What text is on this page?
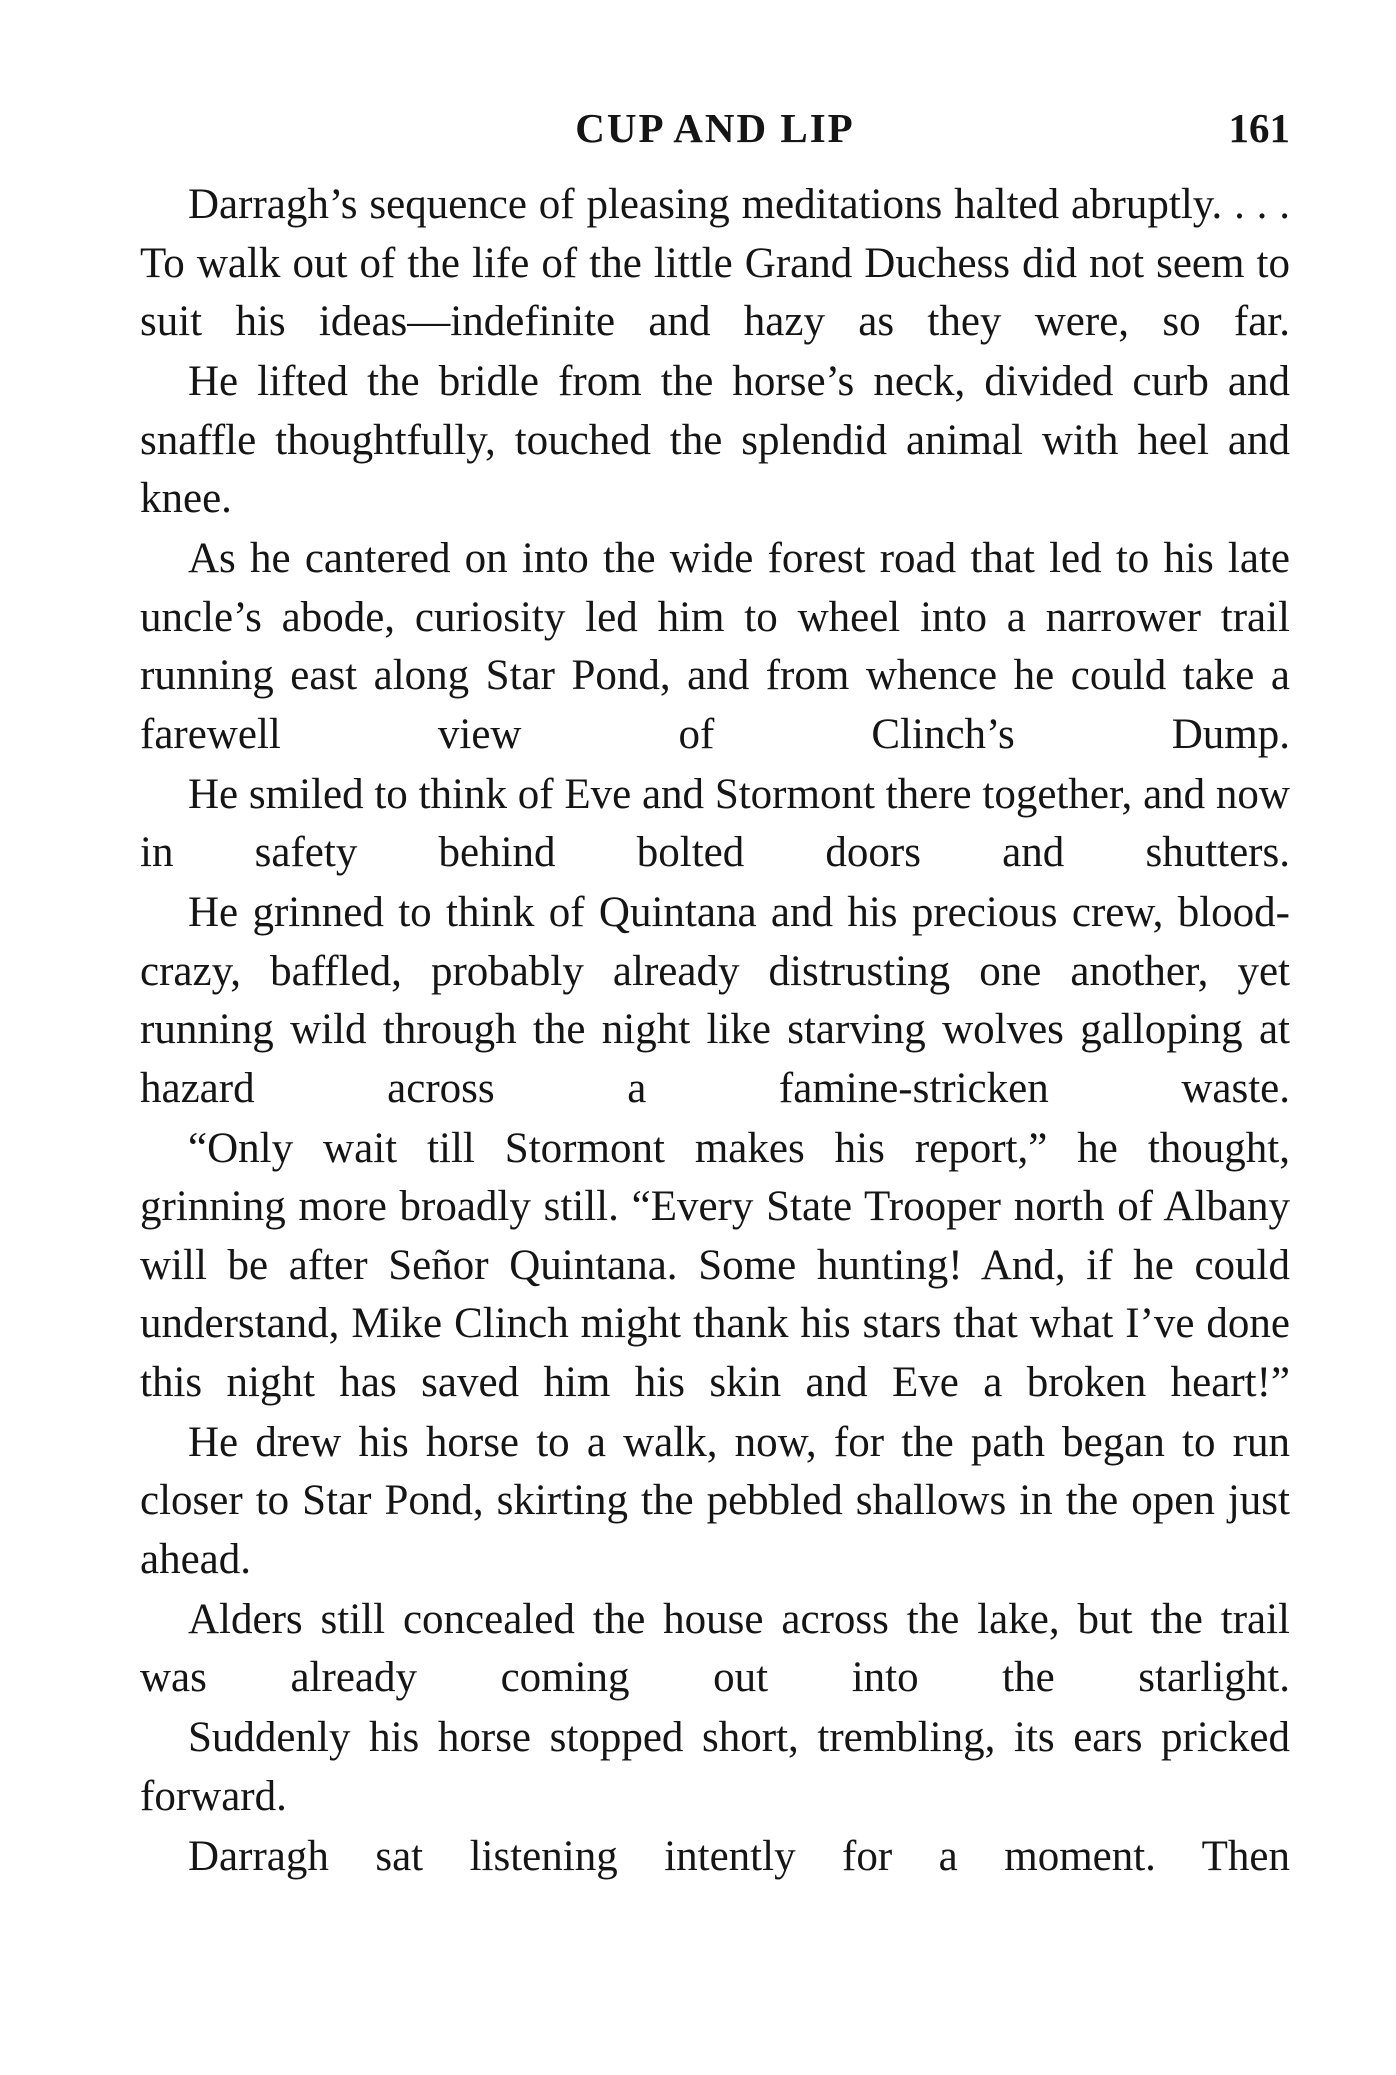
CUP AND LIP	161

Darragh’s sequence of pleasing meditations halted abruptly. . . . To walk out of the life of the little Grand Duchess did not seem to suit his ideas—indefinite and hazy as they were, so far.

He lifted the bridle from the horse’s neck, divided curb and snaffle thoughtfully, touched the splendid animal with heel and knee.

As he cantered on into the wide forest road that led to his late uncle’s abode, curiosity led him to wheel into a narrower trail running east along Star Pond, and from whence he could take a farewell view of Clinch’s Dump.

He smiled to think of Eve and Stormont there together, and now in safety behind bolted doors and shutters.

He grinned to think of Quintana and his precious crew, blood-crazy, baffled, probably already distrusting one another, yet running wild through the night like starving wolves galloping at hazard across a famine-stricken waste.

“Only wait till Stormont makes his report,” he thought, grinning more broadly still. “Every State Trooper north of Albany will be after Señor Quintana. Some hunting! And, if he could understand, Mike Clinch might thank his stars that what I’ve done this night has saved him his skin and Eve a broken heart!”

He drew his horse to a walk, now, for the path began to run closer to Star Pond, skirting the pebbled shallows in the open just ahead.

Alders still concealed the house across the lake, but the trail was already coming out into the starlight.

Suddenly his horse stopped short, trembling, its ears pricked forward.

Darragh sat listening intently for a moment. Then
